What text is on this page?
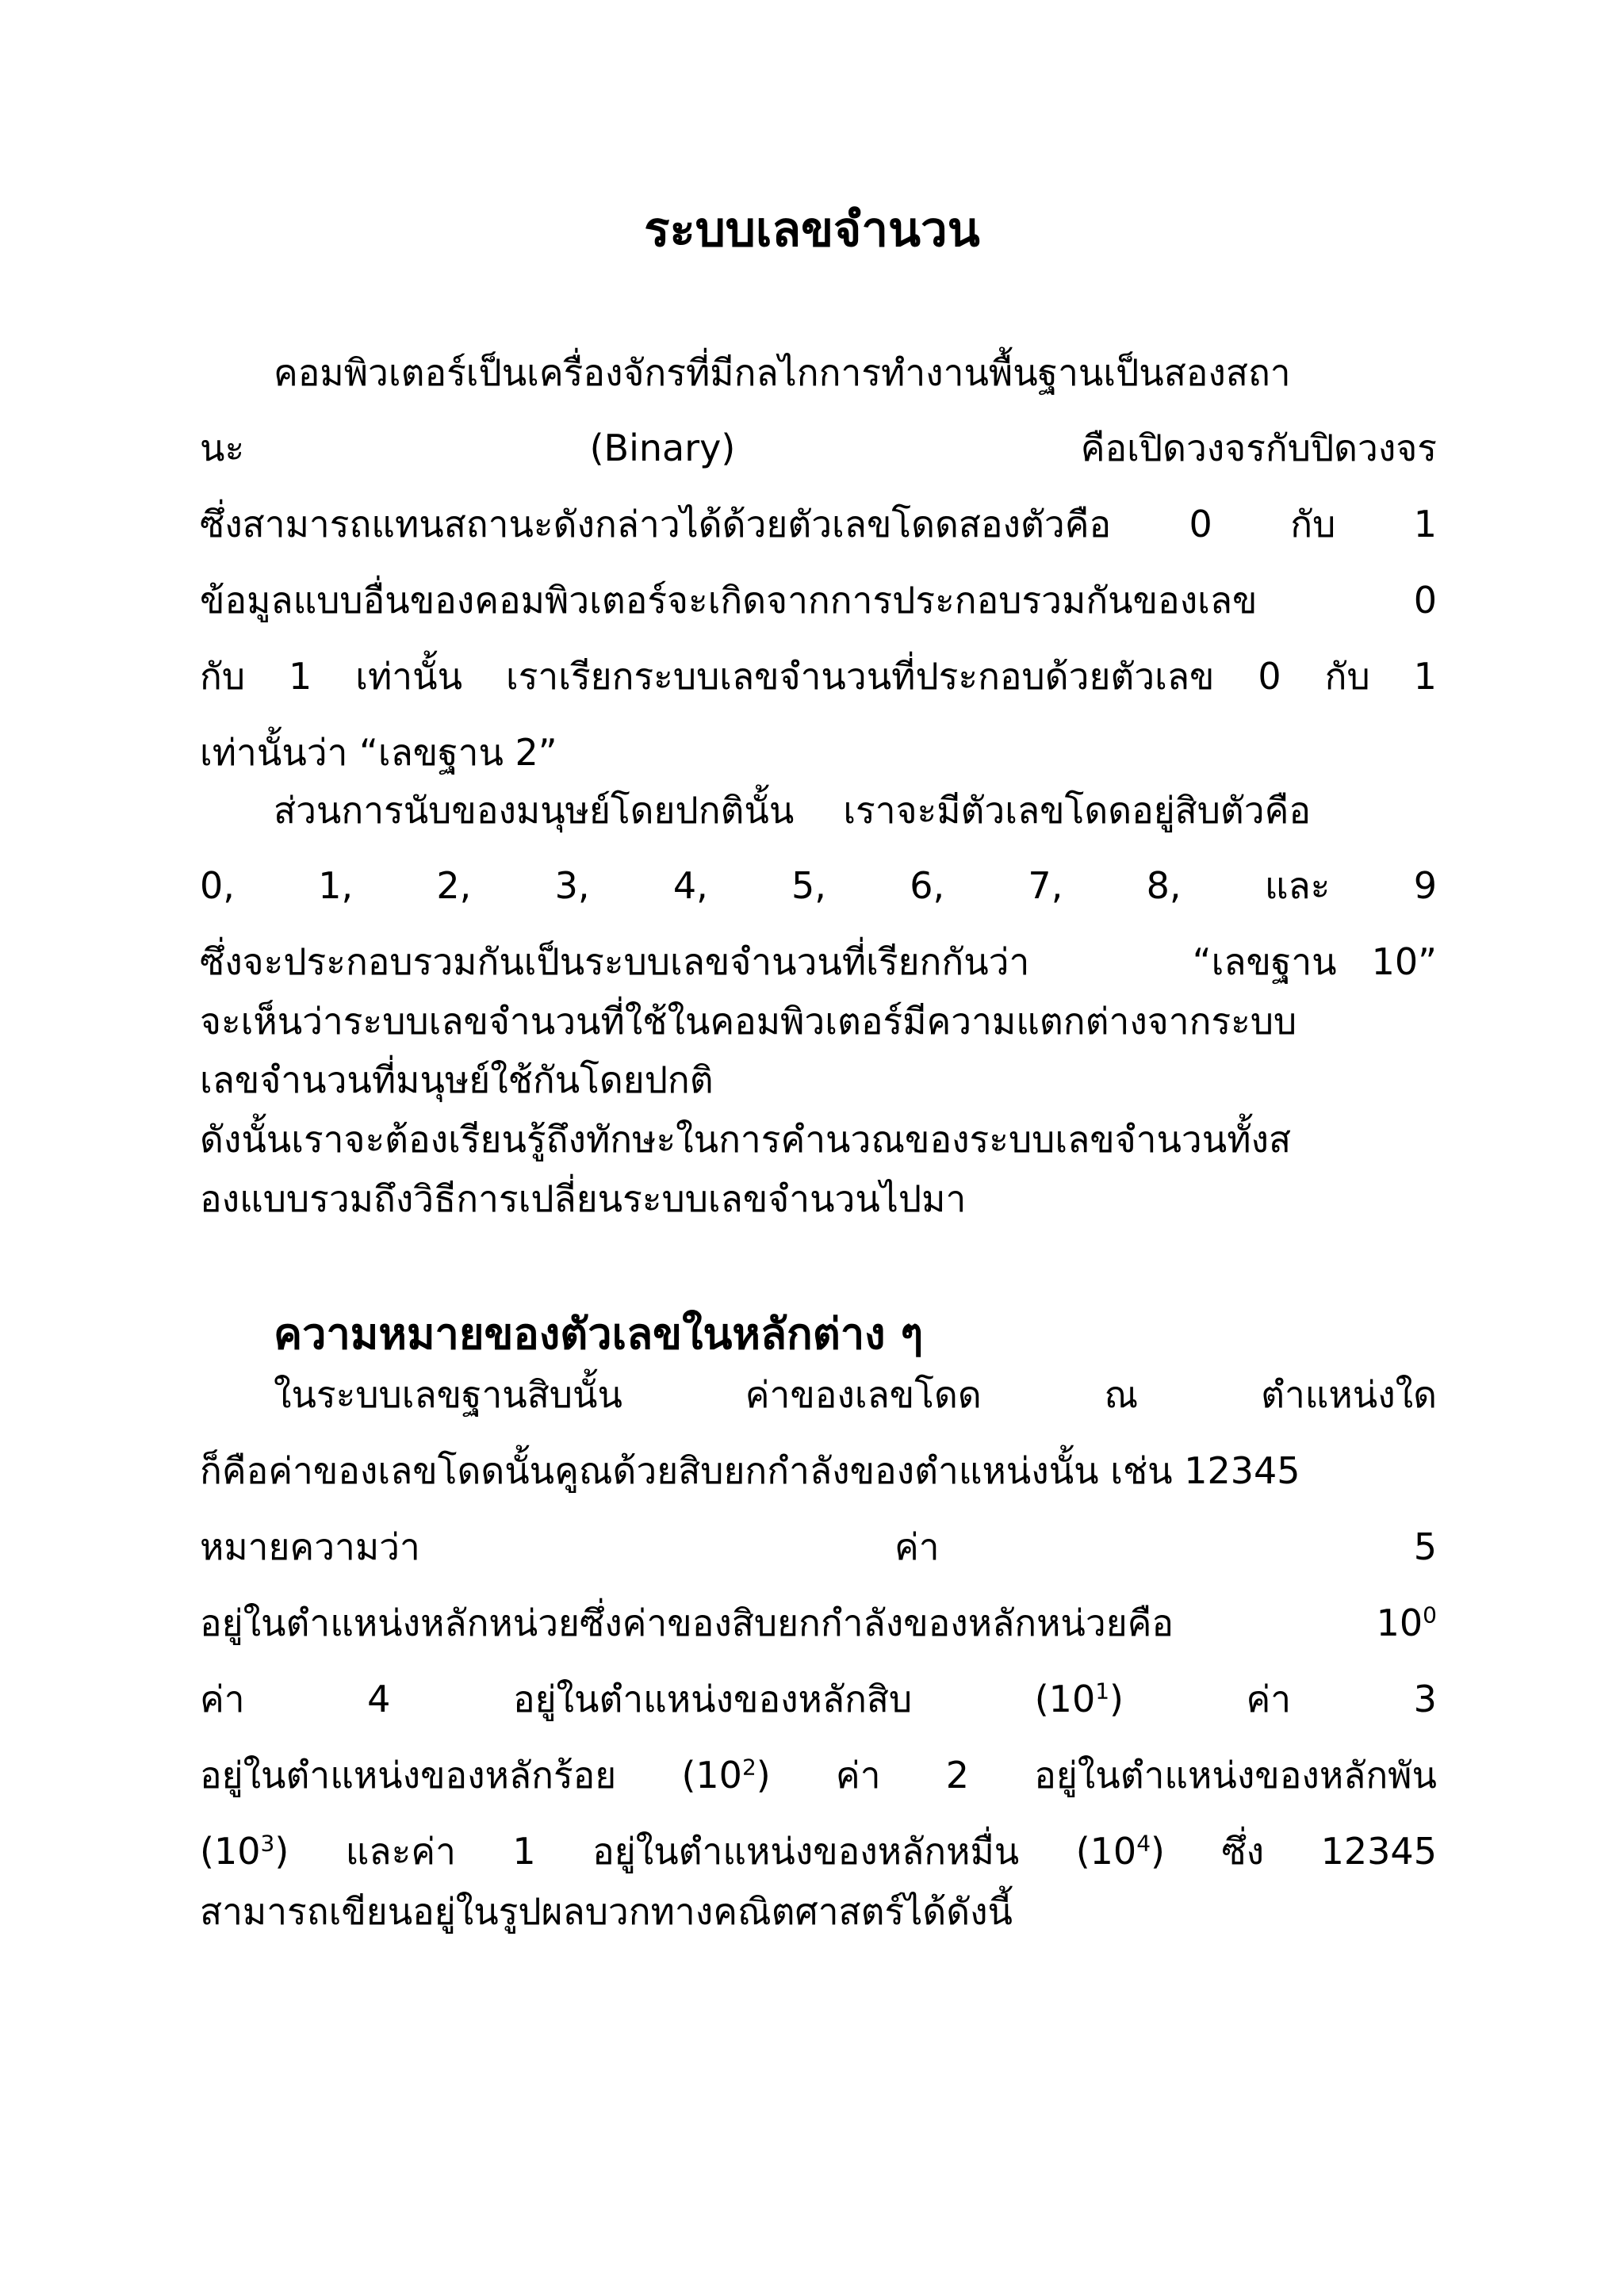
ระบบเลขจำนวน
คอมพิวเตอร์เป็นเครื่องจักรที่มีกลไกการทำงานพื้นฐานเป็นสองสถา
นะ	(Binary)	คือเปิดวงจรกับปิดวงจร
ซึ่งสามารถแทนสถานะดังกล่าวได้ด้วยตัวเลขโดดสองตัวคือ 0 กับ 1
ข้อมูลแบบอื่นของคอมพิวเตอร์จะเกิดจากการประกอบรวมกันของเลข	0
กับ 1 เท่านั้น เราเรียกระบบเลขจำนวนที่ประกอบด้วยตัวเลข 0 กับ 1
เท่านั้นว่า “เลขฐาน 2”
ส่วนการนับของมนุษย์โดยปกตินั้น เราจะมีตัวเลขโดดอยู่สิบตัวคือ
0, 1, 2, 3, 4, 5, 6, 7, 8, และ 9
ซึ่งจะประกอบรวมกันเป็นระบบเลขจำนวนที่เรียกกันว่า	“เลขฐาน 10”
จะเห็นว่าระบบเลขจำนวนที่ใช้ในคอมพิวเตอร์มีความแตกต่างจากระบบ
เลขจำนวนที่มนุษย์ใช้กันโดยปกติ
ดังนั้นเราจะต้องเรียนรู้ถึงทักษะในการคำนวณของระบบเลขจำนวนทั้งส
องแบบรวมถึงวิธีการเปลี่ยนระบบเลขจำนวนไปมา
ความหมายของตัวเลขในหลักต่าง ๆ
ในระบบเลขฐานสิบนั้น	ค่าของเลขโดด	ณ	ตำแหน่งใด
ก็คือค่าของเลขโดดนั้นคูณด้วยสิบยกกำลังของตำแหน่งนั้น เช่น 12345
หมายความว่า	ค่า	5
อยู่ในตำแหน่งหลักหน่วยซึ่งค่าของสิบยกกำลังของหลักหน่วยคือ	$10^0$
ค่า	4	อยู่ในตำแหน่งของหลักสิบ	$(10^1)$	ค่า	3
อยู่ในตำแหน่งของหลักร้อย $(10^2)$ ค่า 2 อยู่ในตำแหน่งของหลักพัน
$(10^3)$ และค่า 1 อยู่ในตำแหน่งของหลักหมื่น $(10^4)$ ซึ่ง 12345
สามารถเขียนอยู่ในรูปผลบวกทางคณิตศาสตร์ได้ดังนี้
